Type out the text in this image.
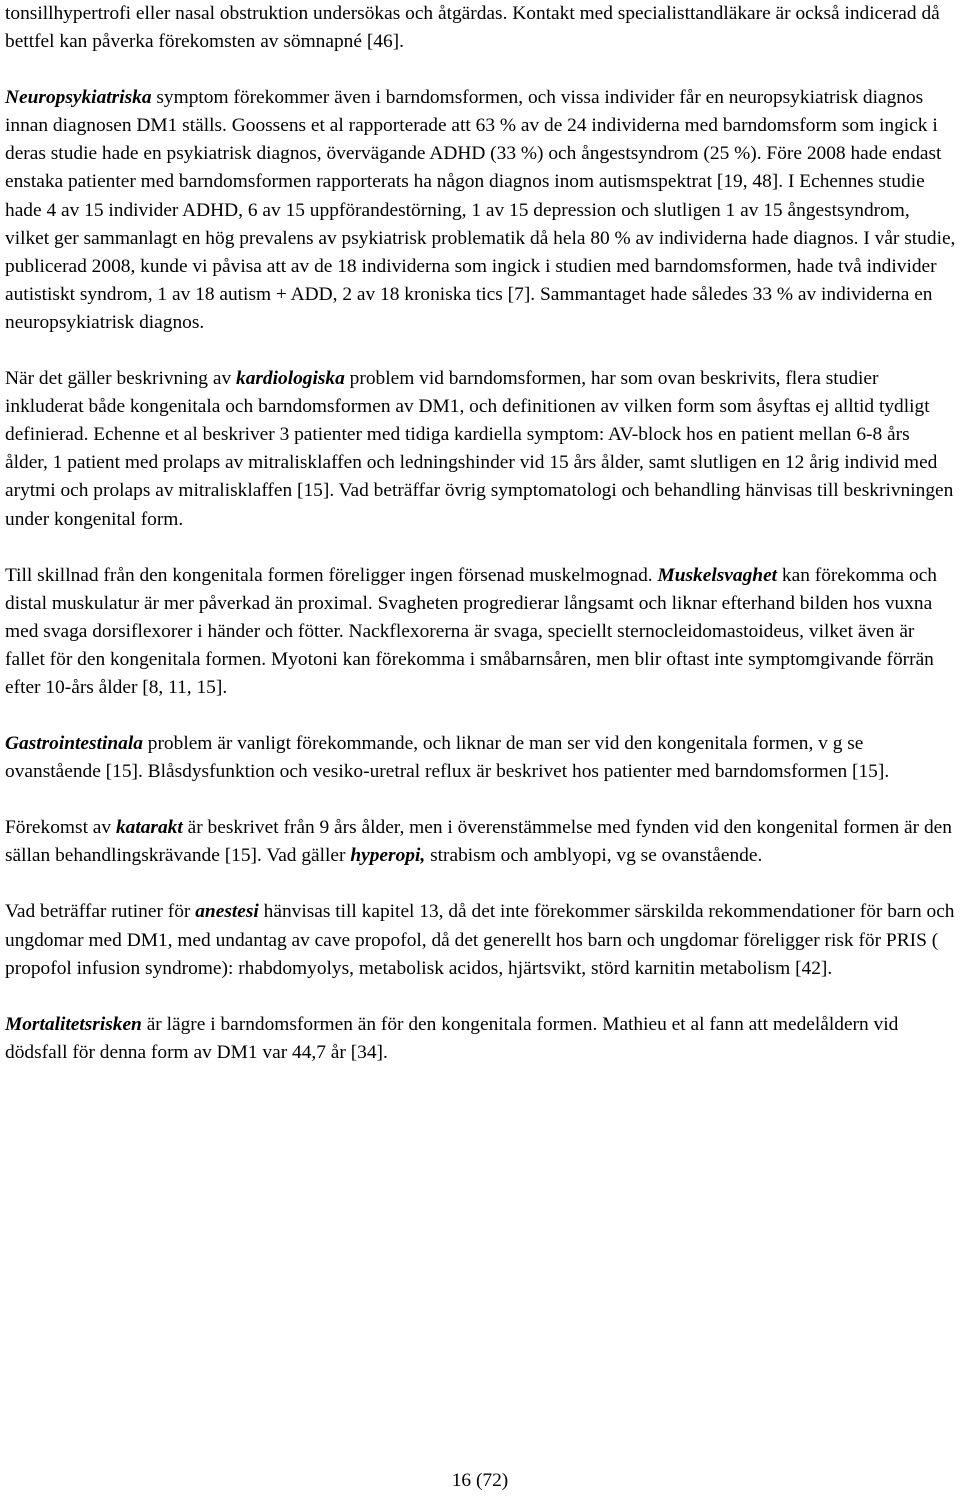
tonsillhypertrofi eller nasal obstruktion undersökas och åtgärdas. Kontakt med specialisttandläkare är också indicerad då bettfel kan påverka förekomsten av sömnapné [46].

Neuropsykiatriska symptom förekommer även i barndomsformen, och vissa individer får en neuropsykiatrisk diagnos innan diagnosen DM1 ställs. Goossens et al rapporterade att 63 % av de 24 individerna med barndomsform som ingick i deras studie hade en psykiatrisk diagnos, övervägande ADHD (33 %) och ångestsyndrom (25 %). Före 2008 hade endast enstaka patienter med barndomsformen rapporterats ha någon diagnos inom autismspektrat [19, 48]. I Echennes studie hade 4 av 15 individer ADHD, 6 av 15 uppförandestörning, 1 av 15 depression och slutligen 1 av 15 ångestsyndrom, vilket ger sammanlagt en hög prevalens av psykiatrisk problematik då hela 80 % av individerna hade diagnos. I vår studie, publicerad 2008, kunde vi påvisa att av de 18 individerna som ingick i studien med barndomsformen, hade två individer autistiskt syndrom, 1 av 18 autism + ADD, 2 av 18 kroniska tics [7]. Sammantaget hade således 33 % av individerna en neuropsykiatrisk diagnos.

När det gäller beskrivning av kardiologiska problem vid barndomsformen, har som ovan beskrivits, flera studier inkluderat både kongenitala och barndomsformen av DM1, och definitionen av vilken form som åsyftas ej alltid tydligt definierad. Echenne et al beskriver 3 patienter med tidiga kardiella symptom: AV-block hos en patient mellan 6-8 års ålder, 1 patient med prolaps av mitralisklaffen och ledningshinder vid 15 års ålder, samt slutligen en 12 årig individ med arytmi och prolaps av mitralisklaffen [15]. Vad beträffar övrig symptomatologi och behandling hänvisas till beskrivningen under kongenital form.

Till skillnad från den kongenitala formen föreligger ingen försenad muskelmognad. Muskelsvaghet kan förekomma och distal muskulatur är mer påverkad än proximal. Svagheten progredierar långsamt och liknar efterhand bilden hos vuxna med svaga dorsiflexorer i händer och fötter. Nackflexorerna är svaga, speciellt sternocleidomastoideus, vilket även är fallet för den kongenitala formen. Myotoni kan förekomma i småbarnsåren, men blir oftast inte symptomgivande förrän efter 10-års ålder [8, 11, 15].

Gastrointestinala problem är vanligt förekommande, och liknar de man ser vid den kongenitala formen, v g se ovanstående [15]. Blåsdysfunktion och vesiko-uretral reflux är beskrivet hos patienter med barndomsformen [15].

Förekomst av katarakt är beskrivet från 9 års ålder, men i överenstämmelse med fynden vid den kongenital formen är den sällan behandlingskrävande [15]. Vad gäller hyperopi, strabism och amblyopi, vg se ovanstående.

Vad beträffar rutiner för anestesi hänvisas till kapitel 13, då det inte förekommer särskilda rekommendationer för barn och ungdomar med DM1, med undantag av cave propofol, då det generellt hos barn och ungdomar föreligger risk för PRIS ( propofol infusion syndrome): rhabdomyolys, metabolisk acidos, hjärtsvikt, störd karnitin metabolism [42].

Mortalitetsrisken är lägre i barndomsformen än för den kongenitala formen. Mathieu et al fann att medelåldern vid dödsfall för denna form av DM1 var 44,7 år [34].

16 (72)
